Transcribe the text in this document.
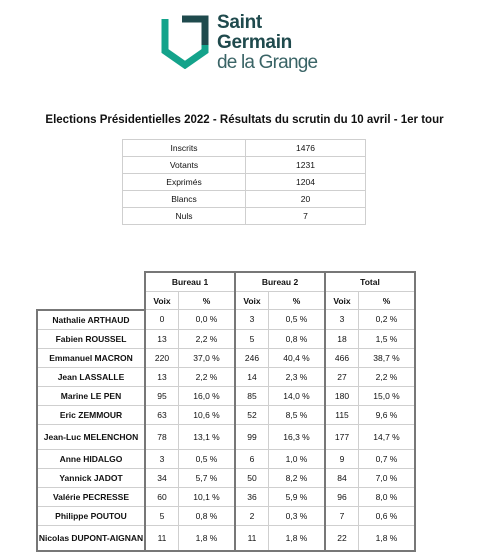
Saint
Germain
de la Grange
Elections Présidentielles 2022 - Résultats du scrutin du 10 avril - 1er tour
Inscrits	1476
Votants	1231
Exprimés	1204
Blancs	20
Nuls	7
	Bureau 1		Bureau 2		Total	
	Voix	%	Voix	%	Voix	%
Nathalie ARTHAUD	0	0,0 %	3	0,5 %	3	0,2 %
Fabien ROUSSEL	13	2,2 %	5	0,8 %	18	1,5 %
Emmanuel MACRON	220	37,0 %	246	40,4 %	466	38,7 %
Jean LASSALLE	13	2,2 %	14	2,3 %	27	2,2 %
Marine LE PEN	95	16,0 %	85	14,0 %	180	15,0 %
Eric ZEMMOUR	63	10,6 %	52	8,5 %	115	9,6 %
Jean-Luc MELENCHON	78	13,1 %	99	16,3 %	177	14,7 %
Anne HIDALGO	3	0,5 %	6	1,0 %	9	0,7 %
Yannick JADOT	34	5,7 %	50	8,2 %	84	7,0 %
Valérie PECRESSE	60	10,1 %	36	5,9 %	96	8,0 %
Philippe POUTOU	5	0,8 %	2	0,3 %	7	0,6 %
Nicolas DUPONT-AIGNAN	11	1,8 %	11	1,8 %	22	1,8 %
